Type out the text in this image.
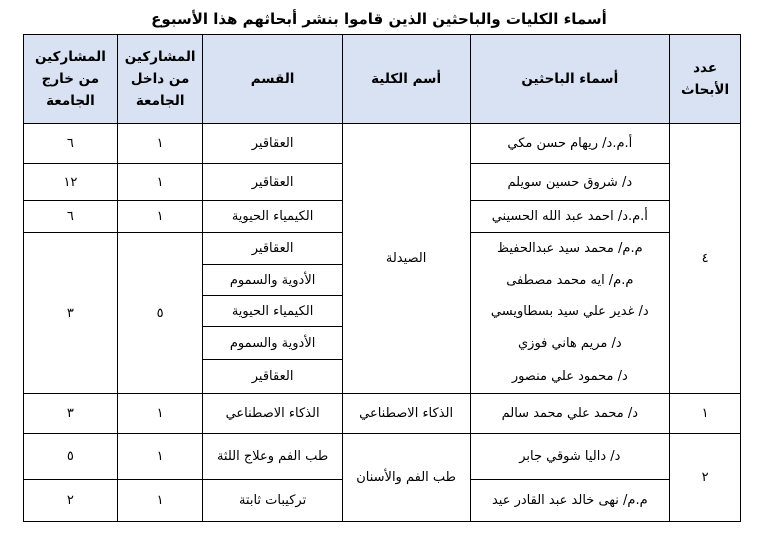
أسماء الكليات والباحثين الذين قاموا بنشر أبحاثهم هذا الأسبوع
عدد الأبحاث	أسماء الباحثين	أسم الكلية	القسم	المشاركين من داخل الجامعة	المشاركين من خارج الجامعة
٤	أ.م.د/ ريهام حسن مكي	الصيدلة	العقاقير	١	٦
	د/ شروق حسين سويلم		العقاقير	١	١٢
	أ.م.د/ احمد عبد الله الحسيني		الكيمياء الحيوية	١	٦
	م.م/ محمد سيد عبدالحفيظ		العقاقير	٥	٣
	م.م/ ايه محمد مصطفى		الأدوية والسموم		
	د/ غدير علي سيد بسطاويسي		الكيمياء الحيوية		
	د/ مريم هاني فوزي		الأدوية والسموم		
	د/ محمود علي منصور		العقاقير		
١	د/ محمد علي محمد سالم	الذكاء الاصطناعي	الذكاء الاصطناعي	١	٣
٢	د/ داليا شوقي جابر	طب الفم والأسنان	طب الفم وعلاج اللثة	١	٥
	م.م/ نهى خالد عبد القادر عيد		تركيبات ثابتة	١	٢
